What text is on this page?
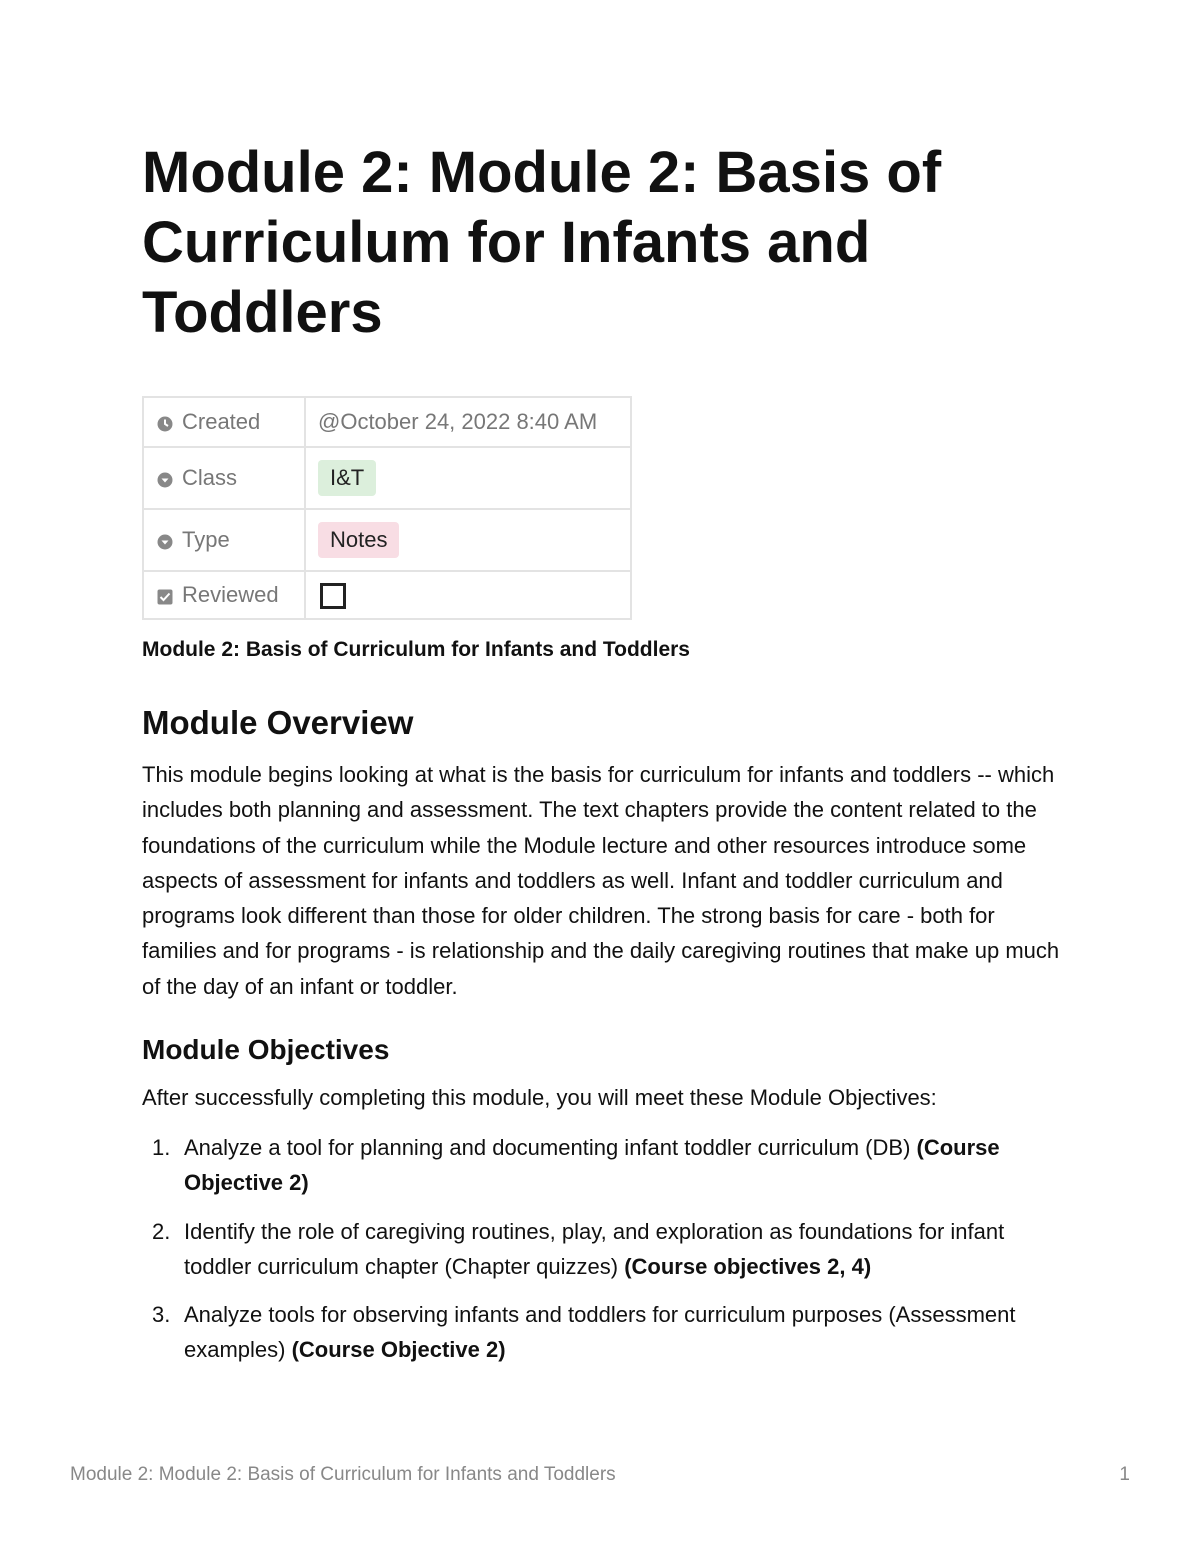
Module 2: Module 2: Basis of Curriculum for Infants and Toddlers
Created	@October 24, 2022 8:40 AM

Class	I&T

Type	Notes

Reviewed	

Module 2: Basis of Curriculum for Infants and Toddlers

Module Overview

This module begins looking at what is the basis for curriculum for infants and toddlers -- which includes both planning and assessment. The text chapters provide the content related to the foundations of the curriculum while the Module lecture and other resources introduce some aspects of assessment for infants and toddlers as well. Infant and toddler curriculum and programs look different than those for older children. The strong basis for care - both for families and for programs - is relationship and the daily caregiving routines that make up much of the day of an infant or toddler.

Module Objectives

After successfully completing this module, you will meet these Module Objectives:

1. Analyze a tool for planning and documenting infant toddler curriculum (DB) (Course Objective 2)
2. Identify the role of caregiving routines, play, and exploration as foundations for infant toddler curriculum chapter (Chapter quizzes) (Course objectives 2, 4)
3. Analyze tools for observing infants and toddlers for curriculum purposes (Assessment examples) (Course Objective 2)
Module 2: Module 2: Basis of Curriculum for Infants and Toddlers	1
